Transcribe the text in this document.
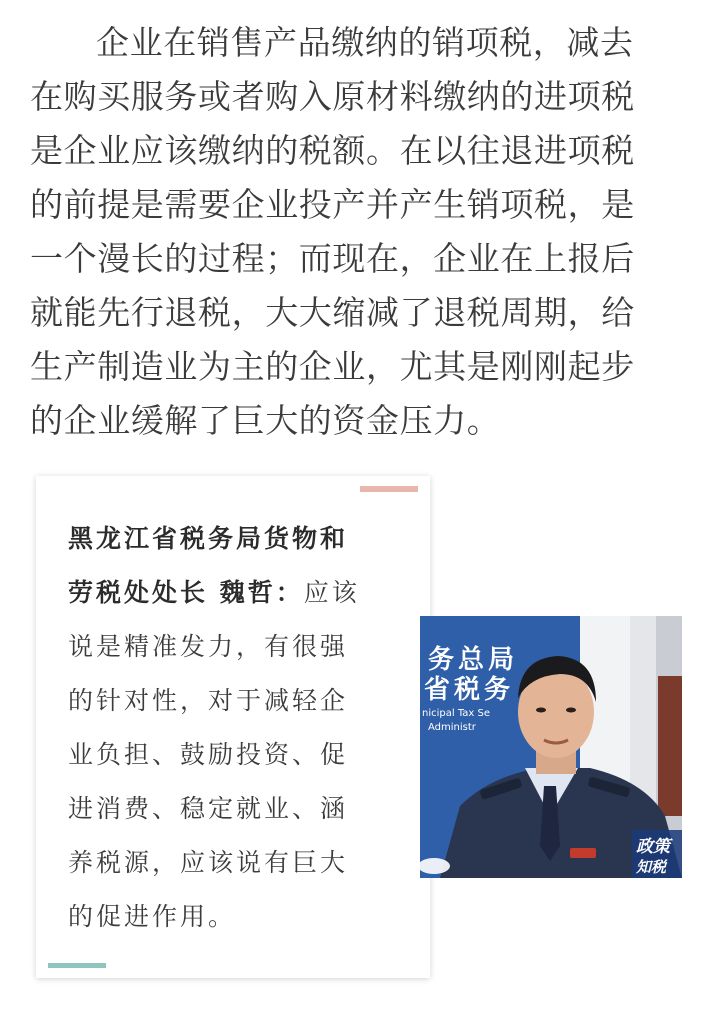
企业在销售产品缴纳的销项税，减去
在购买服务或者购入原材料缴纳的进项税
是企业应该缴纳的税额。在以往退进项税
的前提是需要企业投产并产生销项税，是
一个漫长的过程；而现在，企业在上报后
就能先行退税，大大缩减了退税周期，给
生产制造业为主的企业，尤其是刚刚起步
的企业缓解了巨大的资金压力。
黑龙江省税务局货物和
劳税处处长 魏哲：应该
说是精准发力，有很强
的针对性，对于减轻企
业负担、鼓励投资、促
进消费、稳定就业、涵
养税源，应该说有巨大
的促进作用。
务总局
省税务
nicipal Tax Se
Administr
政策
知税
